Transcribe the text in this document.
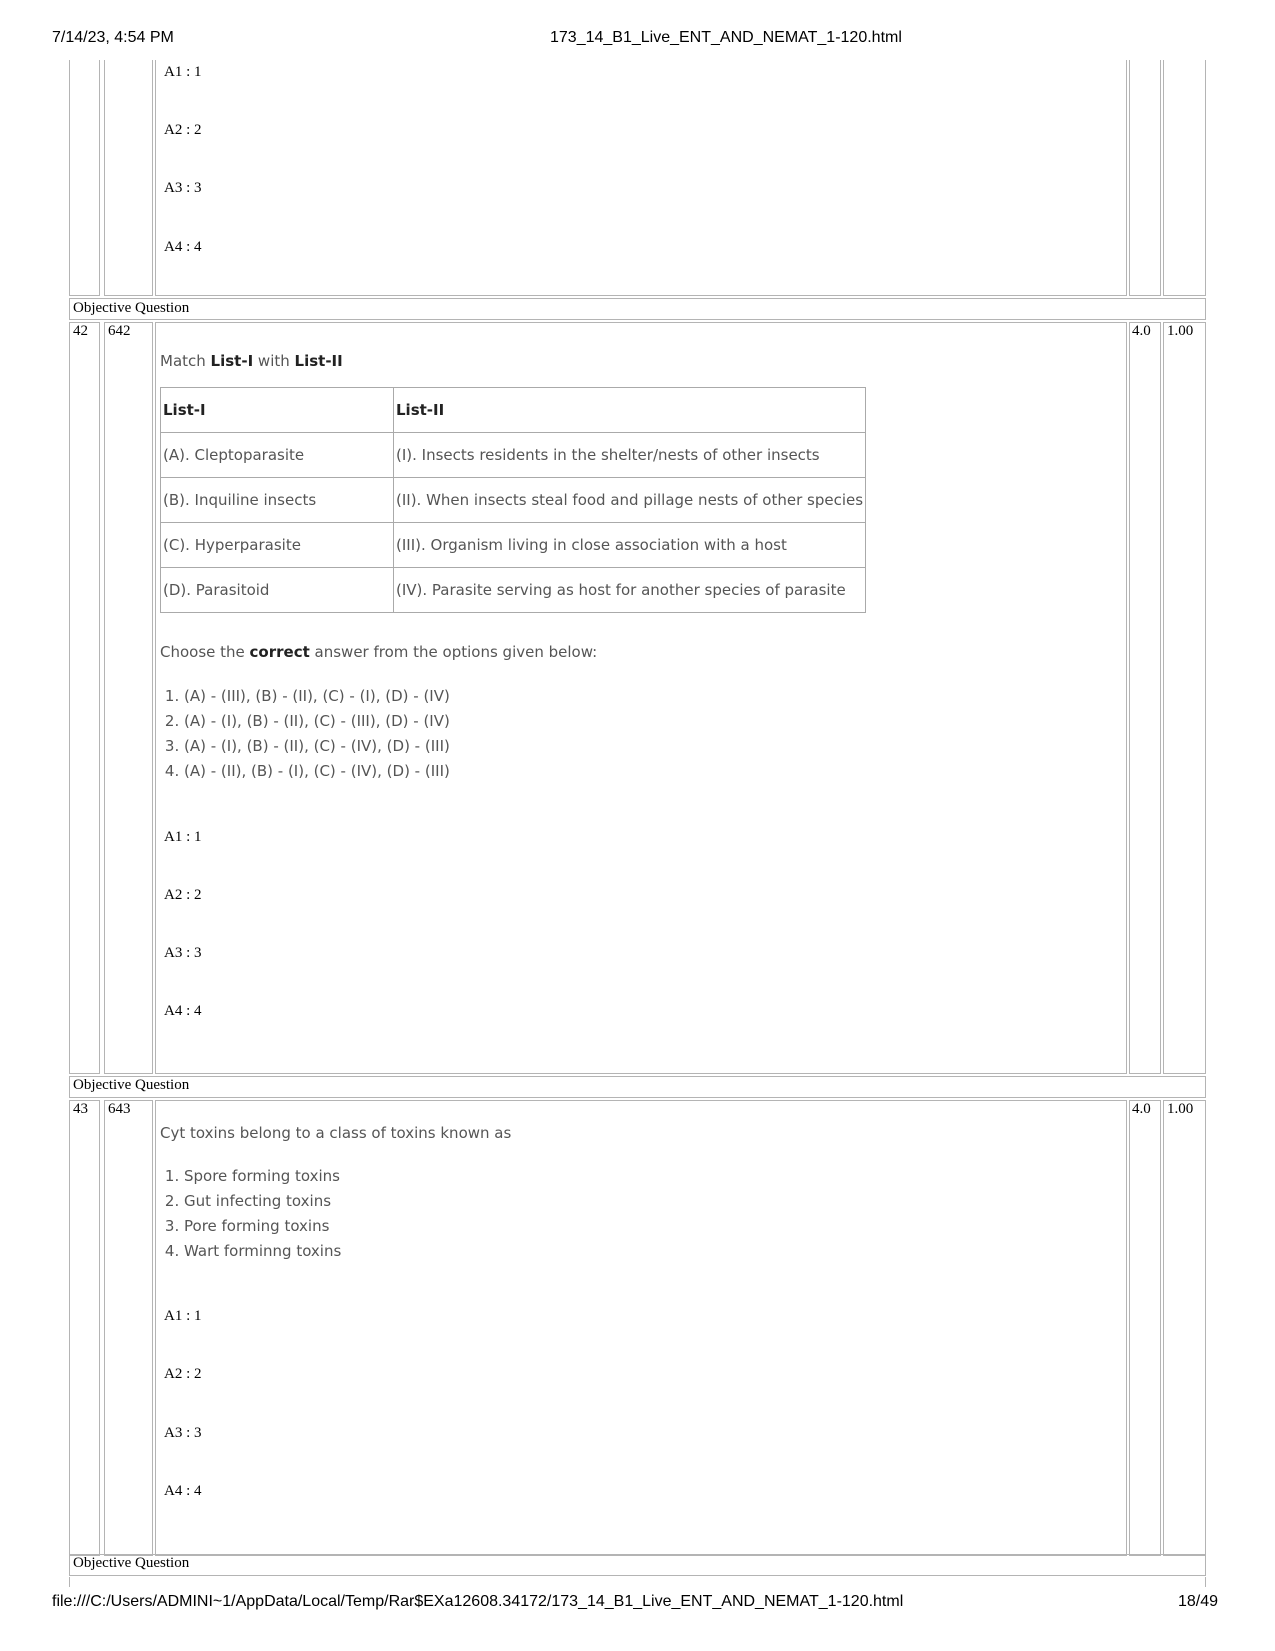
7/14/23, 4:54 PM	173_14_B1_Live_ENT_AND_NEMAT_1-120.html
A1 : 1
A2 : 2
A3 : 3
A4 : 4
Objective Question
42 642	4.0 1.00
Match List-I with List-II
List-I	List-II
(A). Cleptoparasite	(I). Insects residents in the shelter/nests of other insects
(B). Inquiline insects	(II). When insects steal food and pillage nests of other species
(C). Hyperparasite	(III). Organism living in close association with a host
(D). Parasitoid	(IV). Parasite serving as host for another species of parasite
Choose the correct answer from the options given below:
1. (A) - (III), (B) - (II), (C) - (I), (D) - (IV)
2. (A) - (I), (B) - (II), (C) - (III), (D) - (IV)
3. (A) - (I), (B) - (II), (C) - (IV), (D) - (III)
4. (A) - (II), (B) - (I), (C) - (IV), (D) - (III)
A1 : 1
A2 : 2
A3 : 3
A4 : 4
Objective Question
43 643	4.0 1.00
Cyt toxins belong to a class of toxins known as
1. Spore forming toxins
2. Gut infecting toxins
3. Pore forming toxins
4. Wart forminng toxins
A1 : 1
A2 : 2
A3 : 3
A4 : 4
Objective Question
file:///C:/Users/ADMINI~1/AppData/Local/Temp/Rar$EXa12608.34172/173_14_B1_Live_ENT_AND_NEMAT_1-120.html	18/49
